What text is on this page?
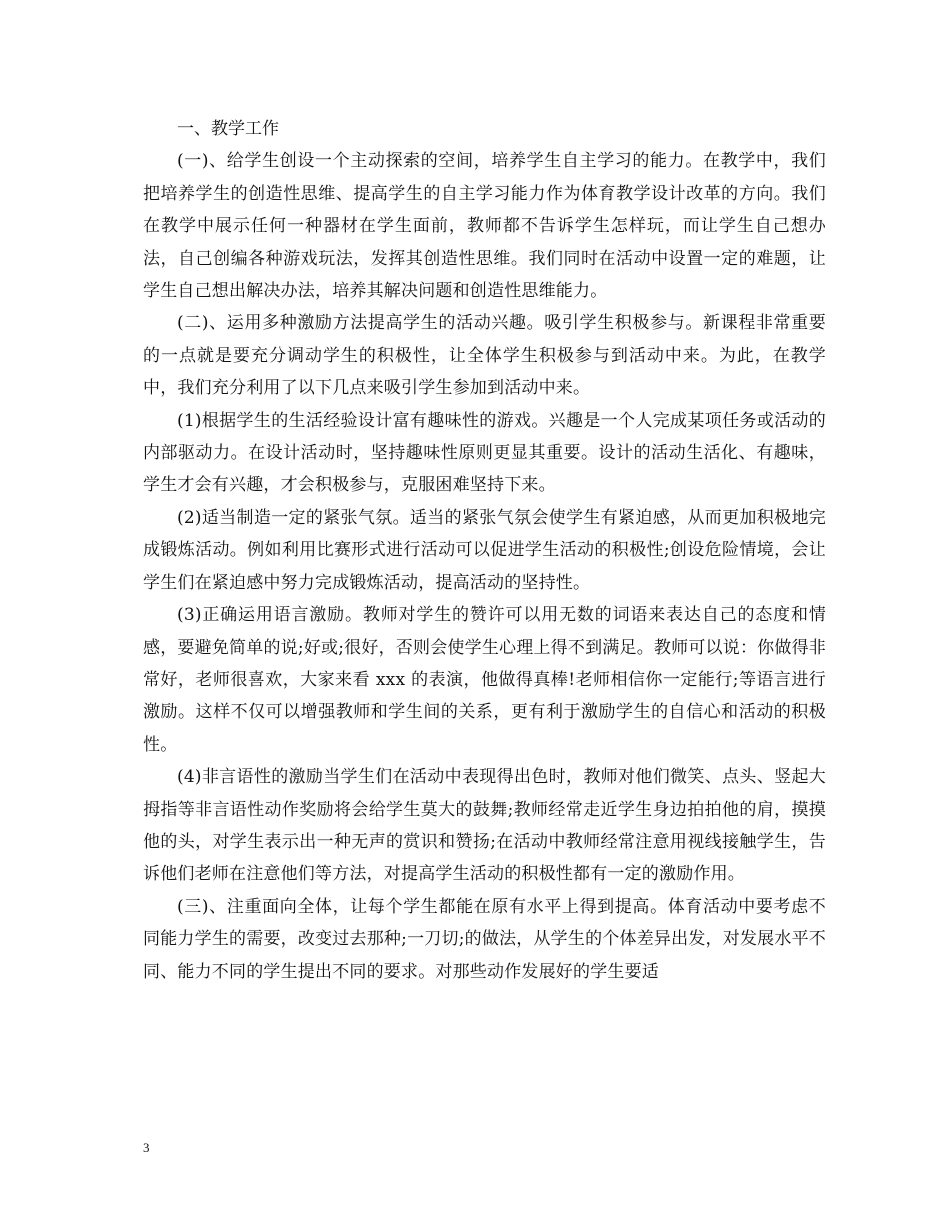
一、教学工作

(一)、给学生创设一个主动探索的空间，培养学生自主学习的能力。在教学中，我们把培养学生的创造性思维、提高学生的自主学习能力作为体育教学设计改革的方向。我们在教学中展示任何一种器材在学生面前，教师都不告诉学生怎样玩，而让学生自己想办法，自己创编各种游戏玩法，发挥其创造性思维。我们同时在活动中设置一定的难题，让学生自己想出解决办法，培养其解决问题和创造性思维能力。

(二)、运用多种激励方法提高学生的活动兴趣。吸引学生积极参与。新课程非常重要的一点就是要充分调动学生的积极性，让全体学生积极参与到活动中来。为此，在教学中，我们充分利用了以下几点来吸引学生参加到活动中来。

(1)根据学生的生活经验设计富有趣味性的游戏。兴趣是一个人完成某项任务或活动的内部驱动力。在设计活动时，坚持趣味性原则更显其重要。设计的活动生活化、有趣味，学生才会有兴趣，才会积极参与，克服困难坚持下来。

(2)适当制造一定的紧张气氛。适当的紧张气氛会使学生有紧迫感，从而更加积极地完成锻炼活动。例如利用比赛形式进行活动可以促进学生活动的积极性;创设危险情境，会让学生们在紧迫感中努力完成锻炼活动，提高活动的坚持性。

(3)正确运用语言激励。教师对学生的赞许可以用无数的词语来表达自己的态度和情感，要避免简单的说;好或;很好，否则会使学生心理上得不到满足。教师可以说：你做得非常好，老师很喜欢，大家来看 xxx 的表演，他做得真棒!老师相信你一定能行;等语言进行激励。这样不仅可以增强教师和学生间的关系，更有利于激励学生的自信心和活动的积极性。

(4)非言语性的激励当学生们在活动中表现得出色时，教师对他们微笑、点头、竖起大拇指等非言语性动作奖励将会给学生莫大的鼓舞;教师经常走近学生身边拍拍他的肩，摸摸他的头，对学生表示出一种无声的赏识和赞扬;在活动中教师经常注意用视线接触学生，告诉他们老师在注意他们等方法，对提高学生活动的积极性都有一定的激励作用。

(三)、注重面向全体，让每个学生都能在原有水平上得到提高。体育活动中要考虑不同能力学生的需要，改变过去那种;一刀切;的做法，从学生的个体差异出发，对发展水平不同、能力不同的学生提出不同的要求。对那些动作发展好的学生要适

3
